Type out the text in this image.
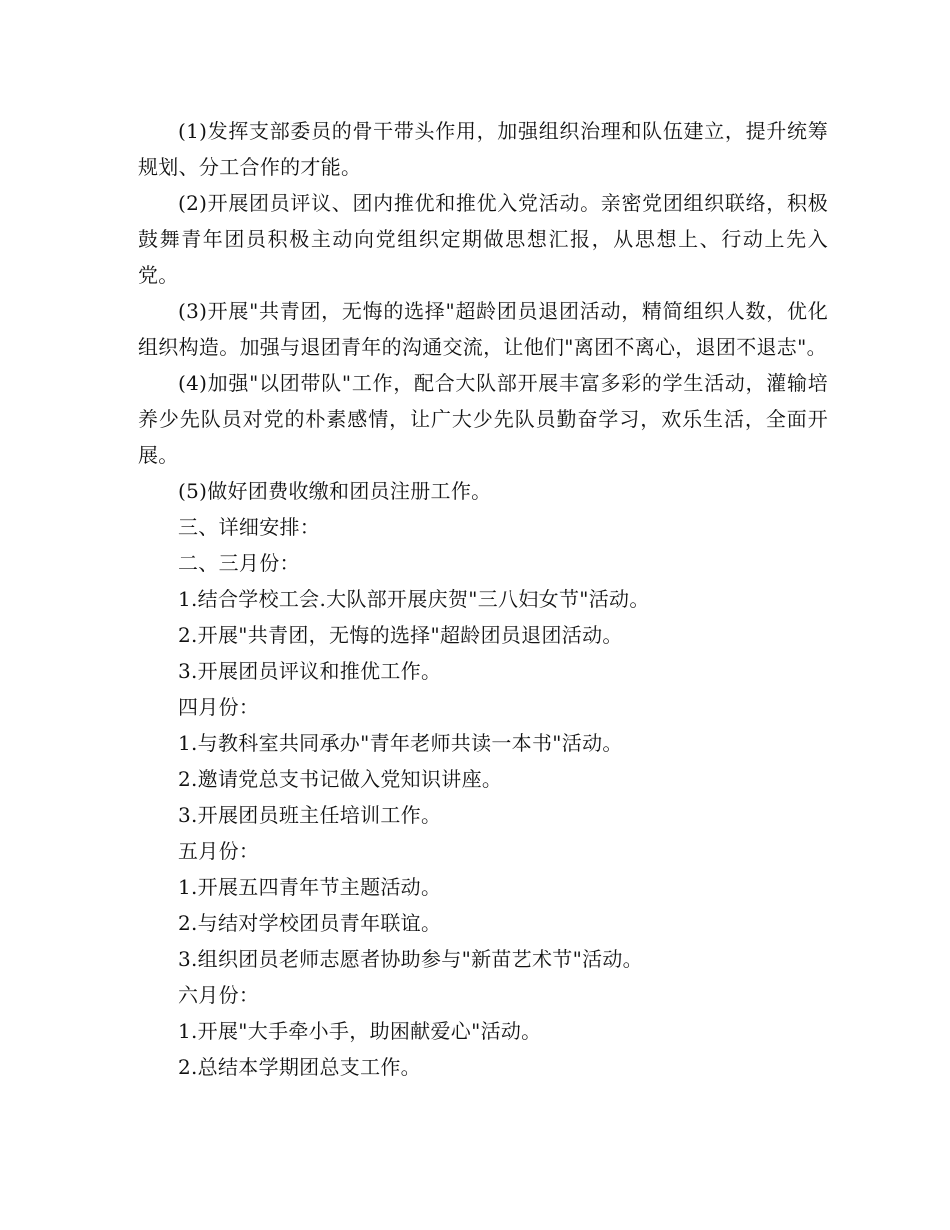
(1)发挥支部委员的骨干带头作用，加强组织治理和队伍建立，提升统筹规划、分工合作的才能。

(2)开展团员评议、团内推优和推优入党活动。亲密党团组织联络，积极鼓舞青年团员积极主动向党组织定期做思想汇报，从思想上、行动上先入党。

(3)开展"共青团，无悔的选择"超龄团员退团活动，精简组织人数，优化组织构造。加强与退团青年的沟通交流，让他们"离团不离心，退团不退志"。

(4)加强"以团带队"工作，配合大队部开展丰富多彩的学生活动，灌输培养少先队员对党的朴素感情，让广大少先队员勤奋学习，欢乐生活，全面开展。

(5)做好团费收缴和团员注册工作。

三、详细安排：

二、三月份：

1.结合学校工会.大队部开展庆贺"三八妇女节"活动。

2.开展"共青团，无悔的选择"超龄团员退团活动。

3.开展团员评议和推优工作。

四月份：

1.与教科室共同承办"青年老师共读一本书"活动。

2.邀请党总支书记做入党知识讲座。

3.开展团员班主任培训工作。

五月份：

1.开展五四青年节主题活动。

2.与结对学校团员青年联谊。

3.组织团员老师志愿者协助参与"新苗艺术节"活动。

六月份：

1.开展"大手牵小手，助困献爱心"活动。

2.总结本学期团总支工作。
